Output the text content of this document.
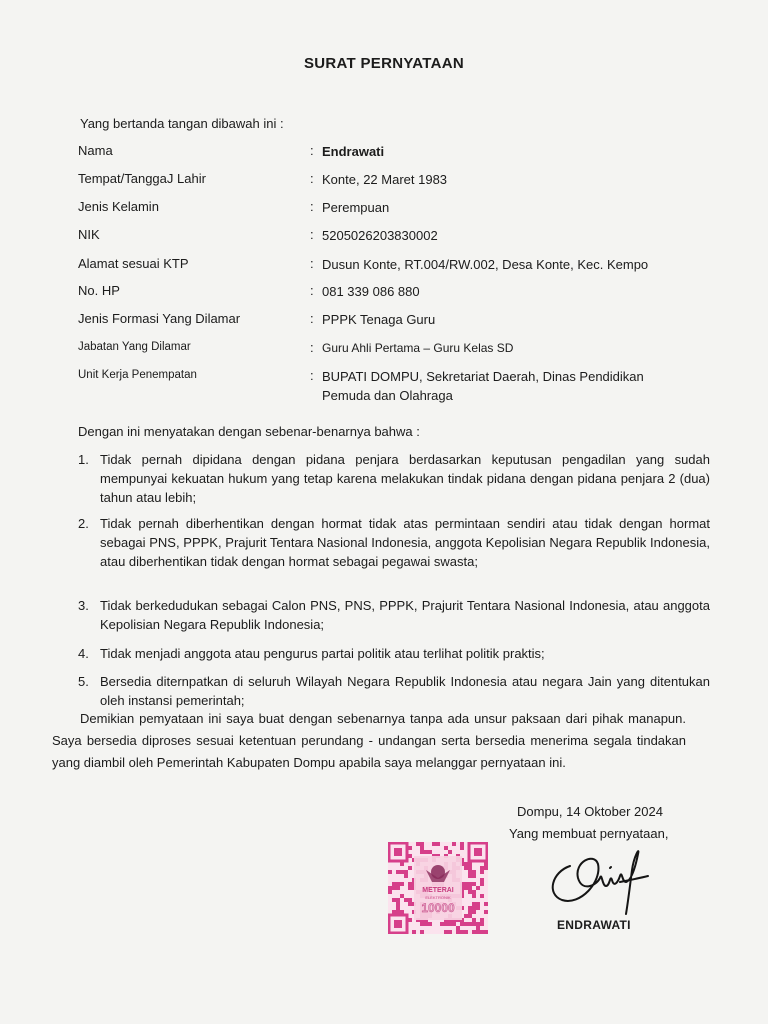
SURAT PERNYATAAN
Yang bertanda tangan dibawah ini :
Nama	: Endrawati
Tempat/TanggaJ Lahir	: Konte, 22 Maret 1983
Jenis Kelamin	: Perempuan
NIK	: 5205026203830002
Alamat sesuai KTP	: Dusun Konte, RT.004/RW.002, Desa Konte, Kec. Kempo
No. HP	: 081 339 086 880
Jenis Formasi Yang Dilamar	: PPPK Tenaga Guru
Jabatan Yang Dilamar	: Guru Ahli Pertama – Guru Kelas SD
Unit Kerja Penempatan	: BUPATI DOMPU, Sekretariat Daerah, Dinas Pendidikan Pemuda dan Olahraga
Dengan ini menyatakan dengan sebenar-benarnya bahwa :
1. Tidak pernah dipidana dengan pidana penjara berdasarkan keputusan pengadilan yang sudah mempunyai kekuatan hukum yang tetap karena melakukan tindak pidana dengan pidana penjara 2 (dua) tahun atau lebih;
2. Tidak pernah diberhentikan dengan hormat tidak atas permintaan sendiri atau tidak dengan hormat sebagai PNS, PPPK, Prajurit Tentara Nasional Indonesia, anggota Kepolisian Negara Republik Indonesia, atau diberhentikan tidak dengan hormat sebagai pegawai swasta;
3. Tidak berkedudukan sebagai Calon PNS, PNS, PPPK, Prajurit Tentara Nasional Indonesia, atau anggota Kepolisian Negara Republik Indonesia;
4. Tidak menjadi anggota atau pengurus partai politik atau terlihat politik praktis;
5. Bersedia diternpatkan di seluruh Wilayah Negara Republik Indonesia atau negara Jain yang ditentukan oleh instansi pemerintah;
Demikian pemyataan ini saya buat dengan sebenarnya tanpa ada unsur paksaan dari pihak manapun. Saya bersedia diproses sesuai ketentuan perundang - undangan serta bersedia menerima segala tindakan yang diambil oleh Pemerintah Kabupaten Dompu apabila saya melanggar pernyataan ini.
Dompu, 14 Oktober 2024
Yang membuat pernyataan,
METERAI
ELEKTRONIK
10000
ENDRAWATI
